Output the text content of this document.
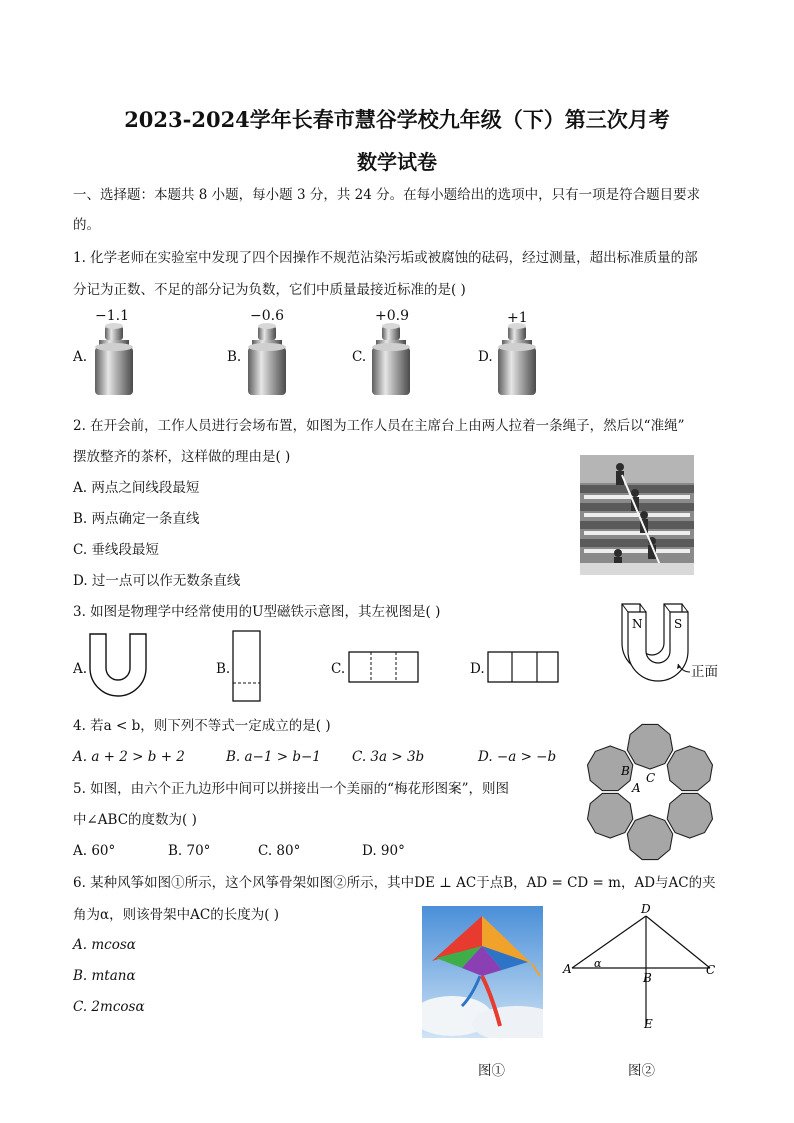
2023-2024学年长春市慧谷学校九年级（下）第三次月考
数学试卷
一、选择题：本题共 8 小题，每小题 3 分，共 24 分。在每小题给出的选项中，只有一项是符合题目要求
的。
1. 化学老师在实验室中发现了四个因操作不规范沾染污垢或被腐蚀的砝码，经过测量，超出标准质量的部
分记为正数、不足的部分记为负数，它们中质量最接近标准的是( )
−1.1	−0.6	+0.9	+1
A.	B.	C.	D.
2. 在开会前，工作人员进行会场布置，如图为工作人员在主席台上由两人拉着一条绳子，然后以“准绳”
摆放整齐的茶杯，这样做的理由是( )
A. 两点之间线段最短
B. 两点确定一条直线
C. 垂线段最短
D. 过一点可以作无数条直线
3. 如图是物理学中经常使用的U型磁铁示意图，其左视图是( )
A.	B.	C.	D.
N	S
正面
4. 若a < b，则下列不等式一定成立的是( )
A. a + 2 > b + 2	B. a−1 > b−1 C. 3a > 3b	D. −a > −b
5. 如图，由六个正九边形中间可以拼接出一个美丽的“梅花形图案”，则图
中∠ABC的度数为( )
A. 60°	B. 70°	C. 80°	D. 90°
B C
A
6. 某种风筝如图①所示，这个风筝骨架如图②所示，其中DE ⊥ AC于点B，AD = CD = m，AD与AC的夹
角为α，则该骨架中AC的长度为( )
A. mcosα
B. mtanα
C. 2mcosα
图①
D
A α
B
C
E
图②
